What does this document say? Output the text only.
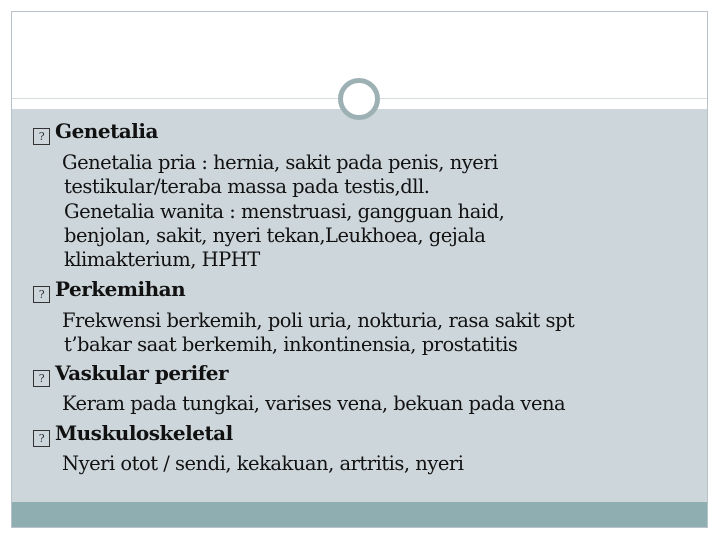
? Genetalia
Genetalia pria : hernia, sakit pada penis, nyeri
testikular/teraba massa pada testis,dll.
Genetalia wanita : menstruasi, gangguan haid,
benjolan, sakit, nyeri tekan,Leukhoea, gejala
klimakterium, HPHT
? Perkemihan
Frekwensi berkemih, poli uria, nokturia, rasa sakit spt
t’bakar saat berkemih, inkontinensia, prostatitis
? Vaskular perifer
Keram pada tungkai, varises vena, bekuan pada vena
? Muskuloskeletal
Nyeri otot / sendi, kekakuan, artritis, nyeri
